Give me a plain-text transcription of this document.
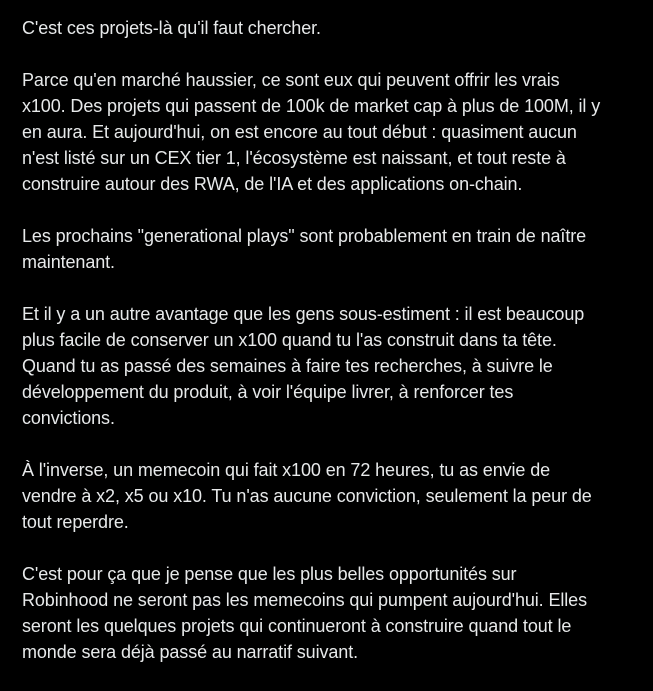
C'est ces projets-là qu'il faut chercher.

Parce qu'en marché haussier, ce sont eux qui peuvent offrir les vrais
x100. Des projets qui passent de 100k de market cap à plus de 100M, il y
en aura. Et aujourd'hui, on est encore au tout début : quasiment aucun
n'est listé sur un CEX tier 1, l'écosystème est naissant, et tout reste à
construire autour des RWA, de l'IA et des applications on-chain.

Les prochains "generational plays" sont probablement en train de naître
maintenant.

Et il y a un autre avantage que les gens sous-estiment : il est beaucoup
plus facile de conserver un x100 quand tu l'as construit dans ta tête.
Quand tu as passé des semaines à faire tes recherches, à suivre le
développement du produit, à voir l'équipe livrer, à renforcer tes
convictions.

À l'inverse, un memecoin qui fait x100 en 72 heures, tu as envie de
vendre à x2, x5 ou x10. Tu n'as aucune conviction, seulement la peur de
tout reperdre.

C'est pour ça que je pense que les plus belles opportunités sur
Robinhood ne seront pas les memecoins qui pumpent aujourd'hui. Elles
seront les quelques projets qui continueront à construire quand tout le
monde sera déjà passé au narratif suivant.
